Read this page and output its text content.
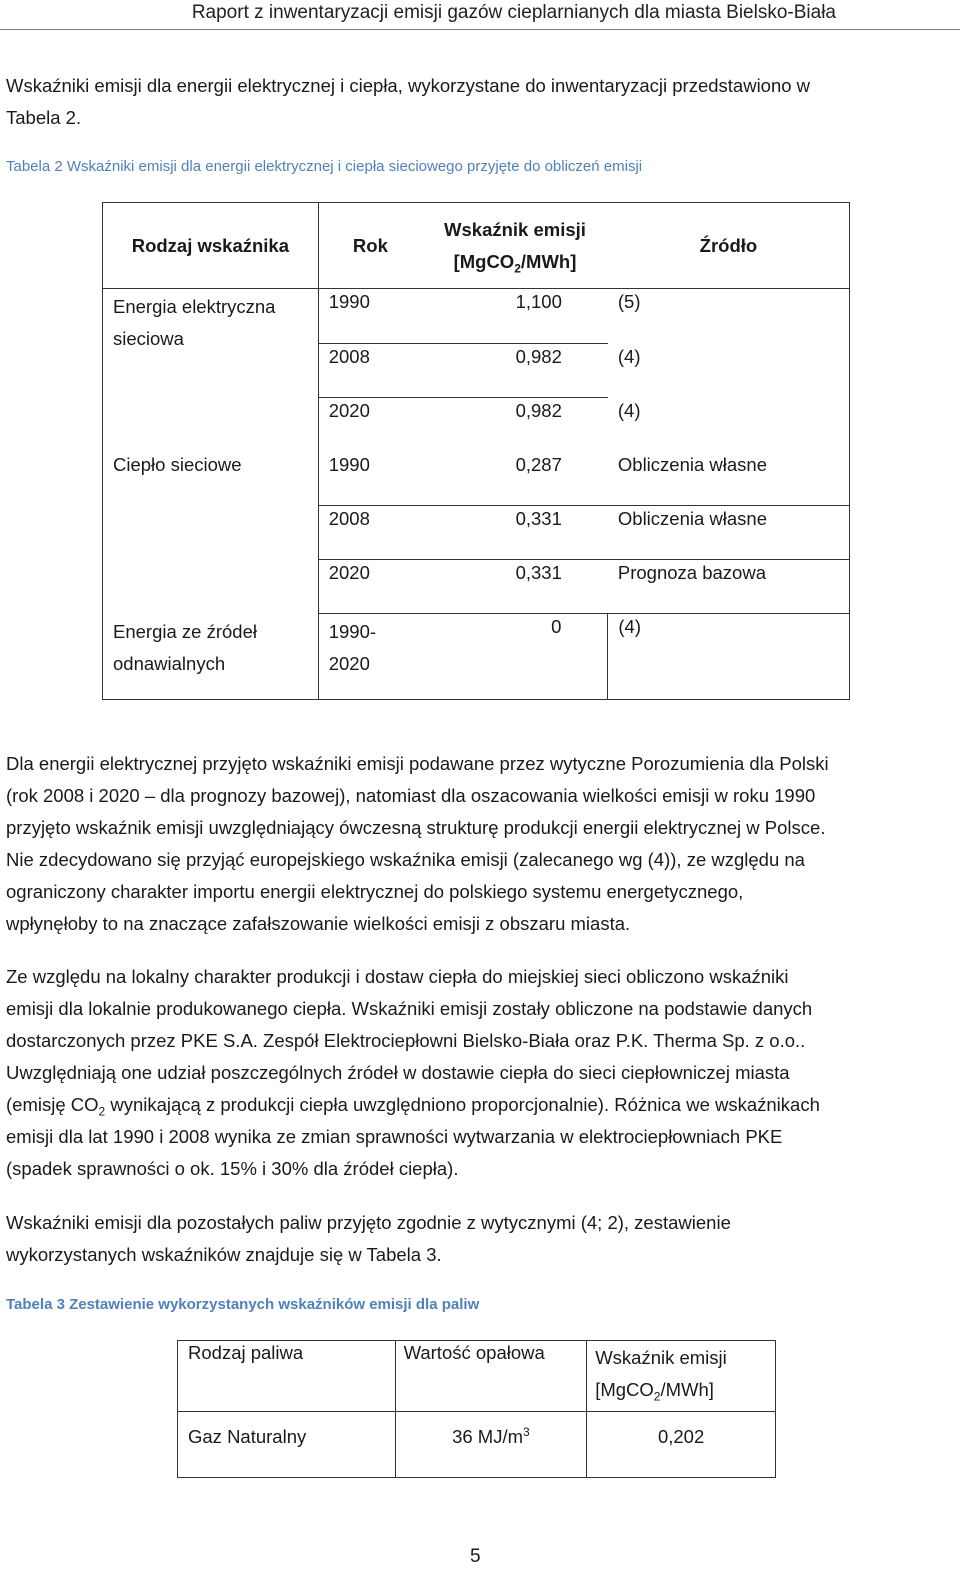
Raport z inwentaryzacji emisji gazów cieplarnianych dla miasta Bielsko-Biała

Wskaźniki emisji dla energii elektrycznej i ciepła, wykorzystane do inwentaryzacji przedstawiono w
Tabela 2.

Tabela 2 Wskaźniki emisji dla energii elektrycznej i ciepła sieciowego przyjęte do obliczeń emisji
Rodzaj wskaźnika	Rok	Wskaźnik emisji
[MgCO$_2$/MWh]	Źródło
Energia elektryczna
sieciowa	1990	1,100	(5)
	2008	0,982	(4)
	2020	0,982	(4)
Ciepło sieciowe	1990	0,287	Obliczenia własne
	2008	0,331	Obliczenia własne
	2020	0,331	Prognoza bazowa
Energia ze źródeł
odnawialnych	1990-
2020	0	(4)

Dla energii elektrycznej przyjęto wskaźniki emisji podawane przez wytyczne Porozumienia dla Polski
(rok 2008 i 2020 – dla prognozy bazowej), natomiast dla oszacowania wielkości emisji w roku 1990
przyjęto wskaźnik emisji uwzględniający ówczesną strukturę produkcji energii elektrycznej w Polsce.
Nie zdecydowano się przyjąć europejskiego wskaźnika emisji (zalecanego wg (4)), ze względu na
ograniczony charakter importu energii elektrycznej do polskiego systemu energetycznego,
wpłynęłoby to na znaczące zafałszowanie wielkości emisji z obszaru miasta.

Ze względu na lokalny charakter produkcji i dostaw ciepła do miejskiej sieci obliczono wskaźniki
emisji dla lokalnie produkowanego ciepła. Wskaźniki emisji zostały obliczone na podstawie danych
dostarczonych przez PKE S.A. Zespół Elektrociepłowni Bielsko-Biała oraz P.K. Therma Sp. z o.o..
Uwzględniają one udział poszczególnych źródeł w dostawie ciepła do sieci ciepłowniczej miasta
(emisję $CO_2$ wynikającą z produkcji ciepła uwzględniono proporcjonalnie). Różnica we wskaźnikach
emisji dla lat 1990 i 2008 wynika ze zmian sprawności wytwarzania w elektrociepłowniach PKE
(spadek sprawności o ok. 15% i 30% dla źródeł ciepła).

Wskaźniki emisji dla pozostałych paliw przyjęto zgodnie z wytycznymi (4; 2), zestawienie
wykorzystanych wskaźników znajduje się w Tabela 3.

Tabela 3 Zestawienie wykorzystanych wskaźników emisji dla paliw
Rodzaj paliwa	Wartość opałowa	Wskaźnik emisji
[MgCO$_2$/MWh]
Gaz Naturalny	36 $MJ/m^3$	0,202
5
